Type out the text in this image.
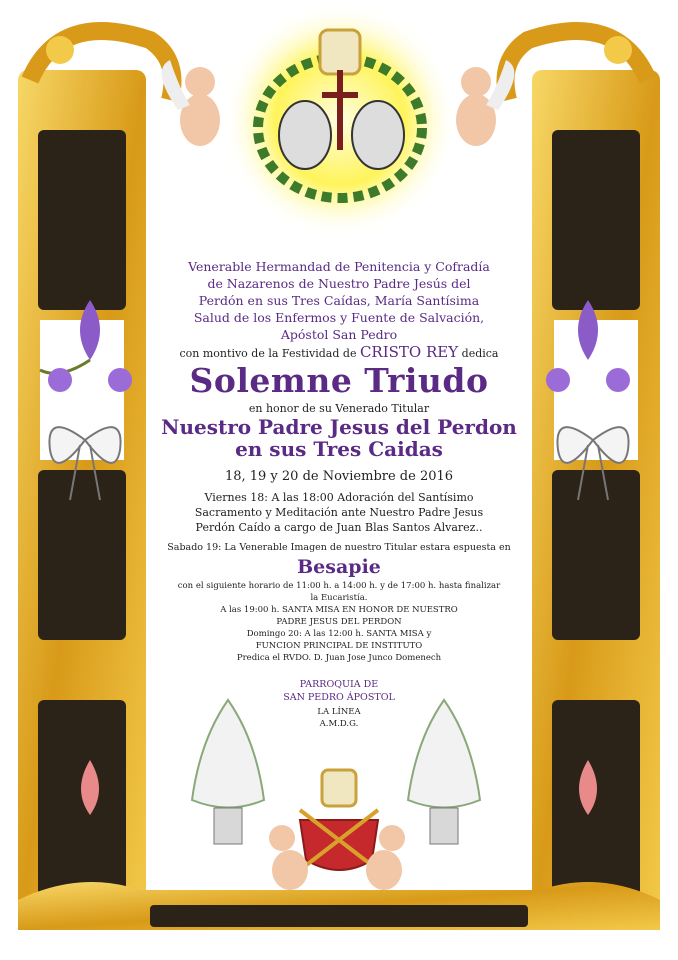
Venerable Hermandad de Penitencia y Cofradía

de Nazarenos de Nuestro Padre Jesús del

Perdón en sus Tres Caídas, María Santísima

Salud de los Enfermos y Fuente de Salvación,

Apóstol San Pedro

con montivo de la Festividad de CRISTO REY dedica

Solemne Triudo

en honor de su Venerado Titular

Nuestro Padre Jesus del Perdon

en sus Tres Caidas

18, 19 y 20 de Noviembre de 2016

Viernes 18: A las 18:00 Adoración del Santísimo

Sacramento y Meditación ante Nuestro Padre Jesus

Perdón Caído a cargo de Juan Blas Santos Alvarez..

Sabado 19: La Venerable Imagen de nuestro Titular estara espuesta en

Besapie

con el siguiente horario de 11:00 h. a 14:00 h. y de 17:00 h. hasta finalizar

la Eucaristía.

A las 19:00 h. SANTA MISA EN HONOR DE NUESTRO

PADRE JESUS DEL PERDON

Domingo 20: A las 12:00 h. SANTA MISA y

FUNCION PRINCIPAL DE INSTITUTO

Predica el RVDO. D. Juan Jose Junco Domenech

PARROQUIA DE

SAN PEDRO ÁPOSTOL

LA LÍNEA

A.M.D.G.
